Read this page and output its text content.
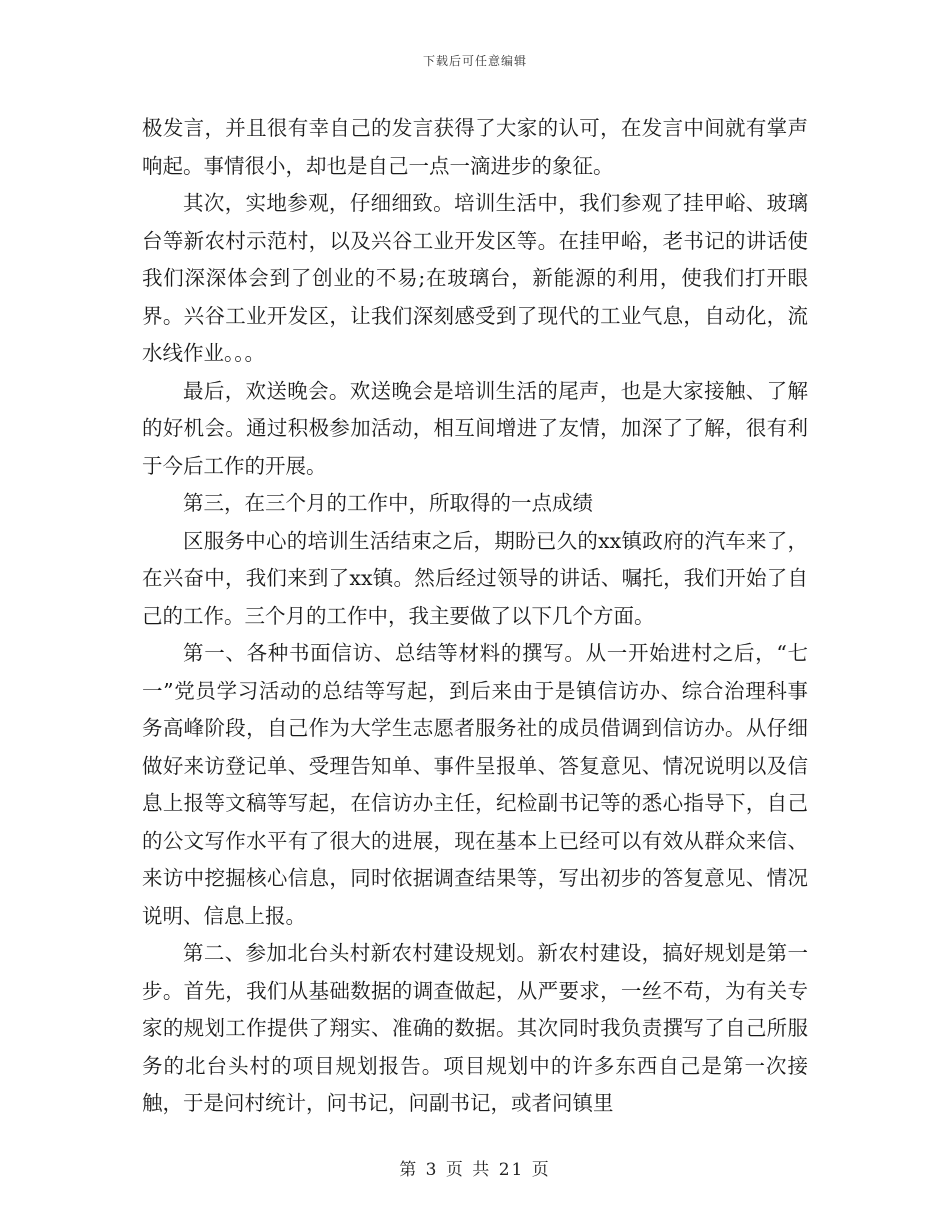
下载后可任意编辑

极发言，并且很有幸自己的发言获得了大家的认可，在发言中间就有掌声响起。事情很小，却也是自己一点一滴进步的象征。

其次，实地参观，仔细细致。培训生活中，我们参观了挂甲峪、玻璃台等新农村示范村，以及兴谷工业开发区等。在挂甲峪，老书记的讲话使我们深深体会到了创业的不易;在玻璃台，新能源的利用，使我们打开眼界。兴谷工业开发区，让我们深刻感受到了现代的工业气息，自动化，流水线作业。。。

最后，欢送晚会。欢送晚会是培训生活的尾声，也是大家接触、了解的好机会。通过积极参加活动，相互间增进了友情，加深了了解，很有利于今后工作的开展。

第三，在三个月的工作中，所取得的一点成绩

区服务中心的培训生活结束之后，期盼已久的xx镇政府的汽车来了，在兴奋中，我们来到了xx镇。然后经过领导的讲话、嘱托，我们开始了自己的工作。三个月的工作中，我主要做了以下几个方面。

第一、各种书面信访、总结等材料的撰写。从一开始进村之后，“七一”党员学习活动的总结等写起，到后来由于是镇信访办、综合治理科事务高峰阶段，自己作为大学生志愿者服务社的成员借调到信访办。从仔细做好来访登记单、受理告知单、事件呈报单、答复意见、情况说明以及信息上报等文稿等写起，在信访办主任，纪检副书记等的悉心指导下，自己的公文写作水平有了很大的进展，现在基本上已经可以有效从群众来信、来访中挖掘核心信息，同时依据调查结果等，写出初步的答复意见、情况说明、信息上报。

第二、参加北台头村新农村建设规划。新农村建设，搞好规划是第一步。首先，我们从基础数据的调查做起，从严要求，一丝不苟，为有关专家的规划工作提供了翔实、准确的数据。其次同时我负责撰写了自己所服务的北台头村的项目规划报告。项目规划中的许多东西自己是第一次接触，于是问村统计，问书记，问副书记，或者问镇里

第 3 页 共 21 页
